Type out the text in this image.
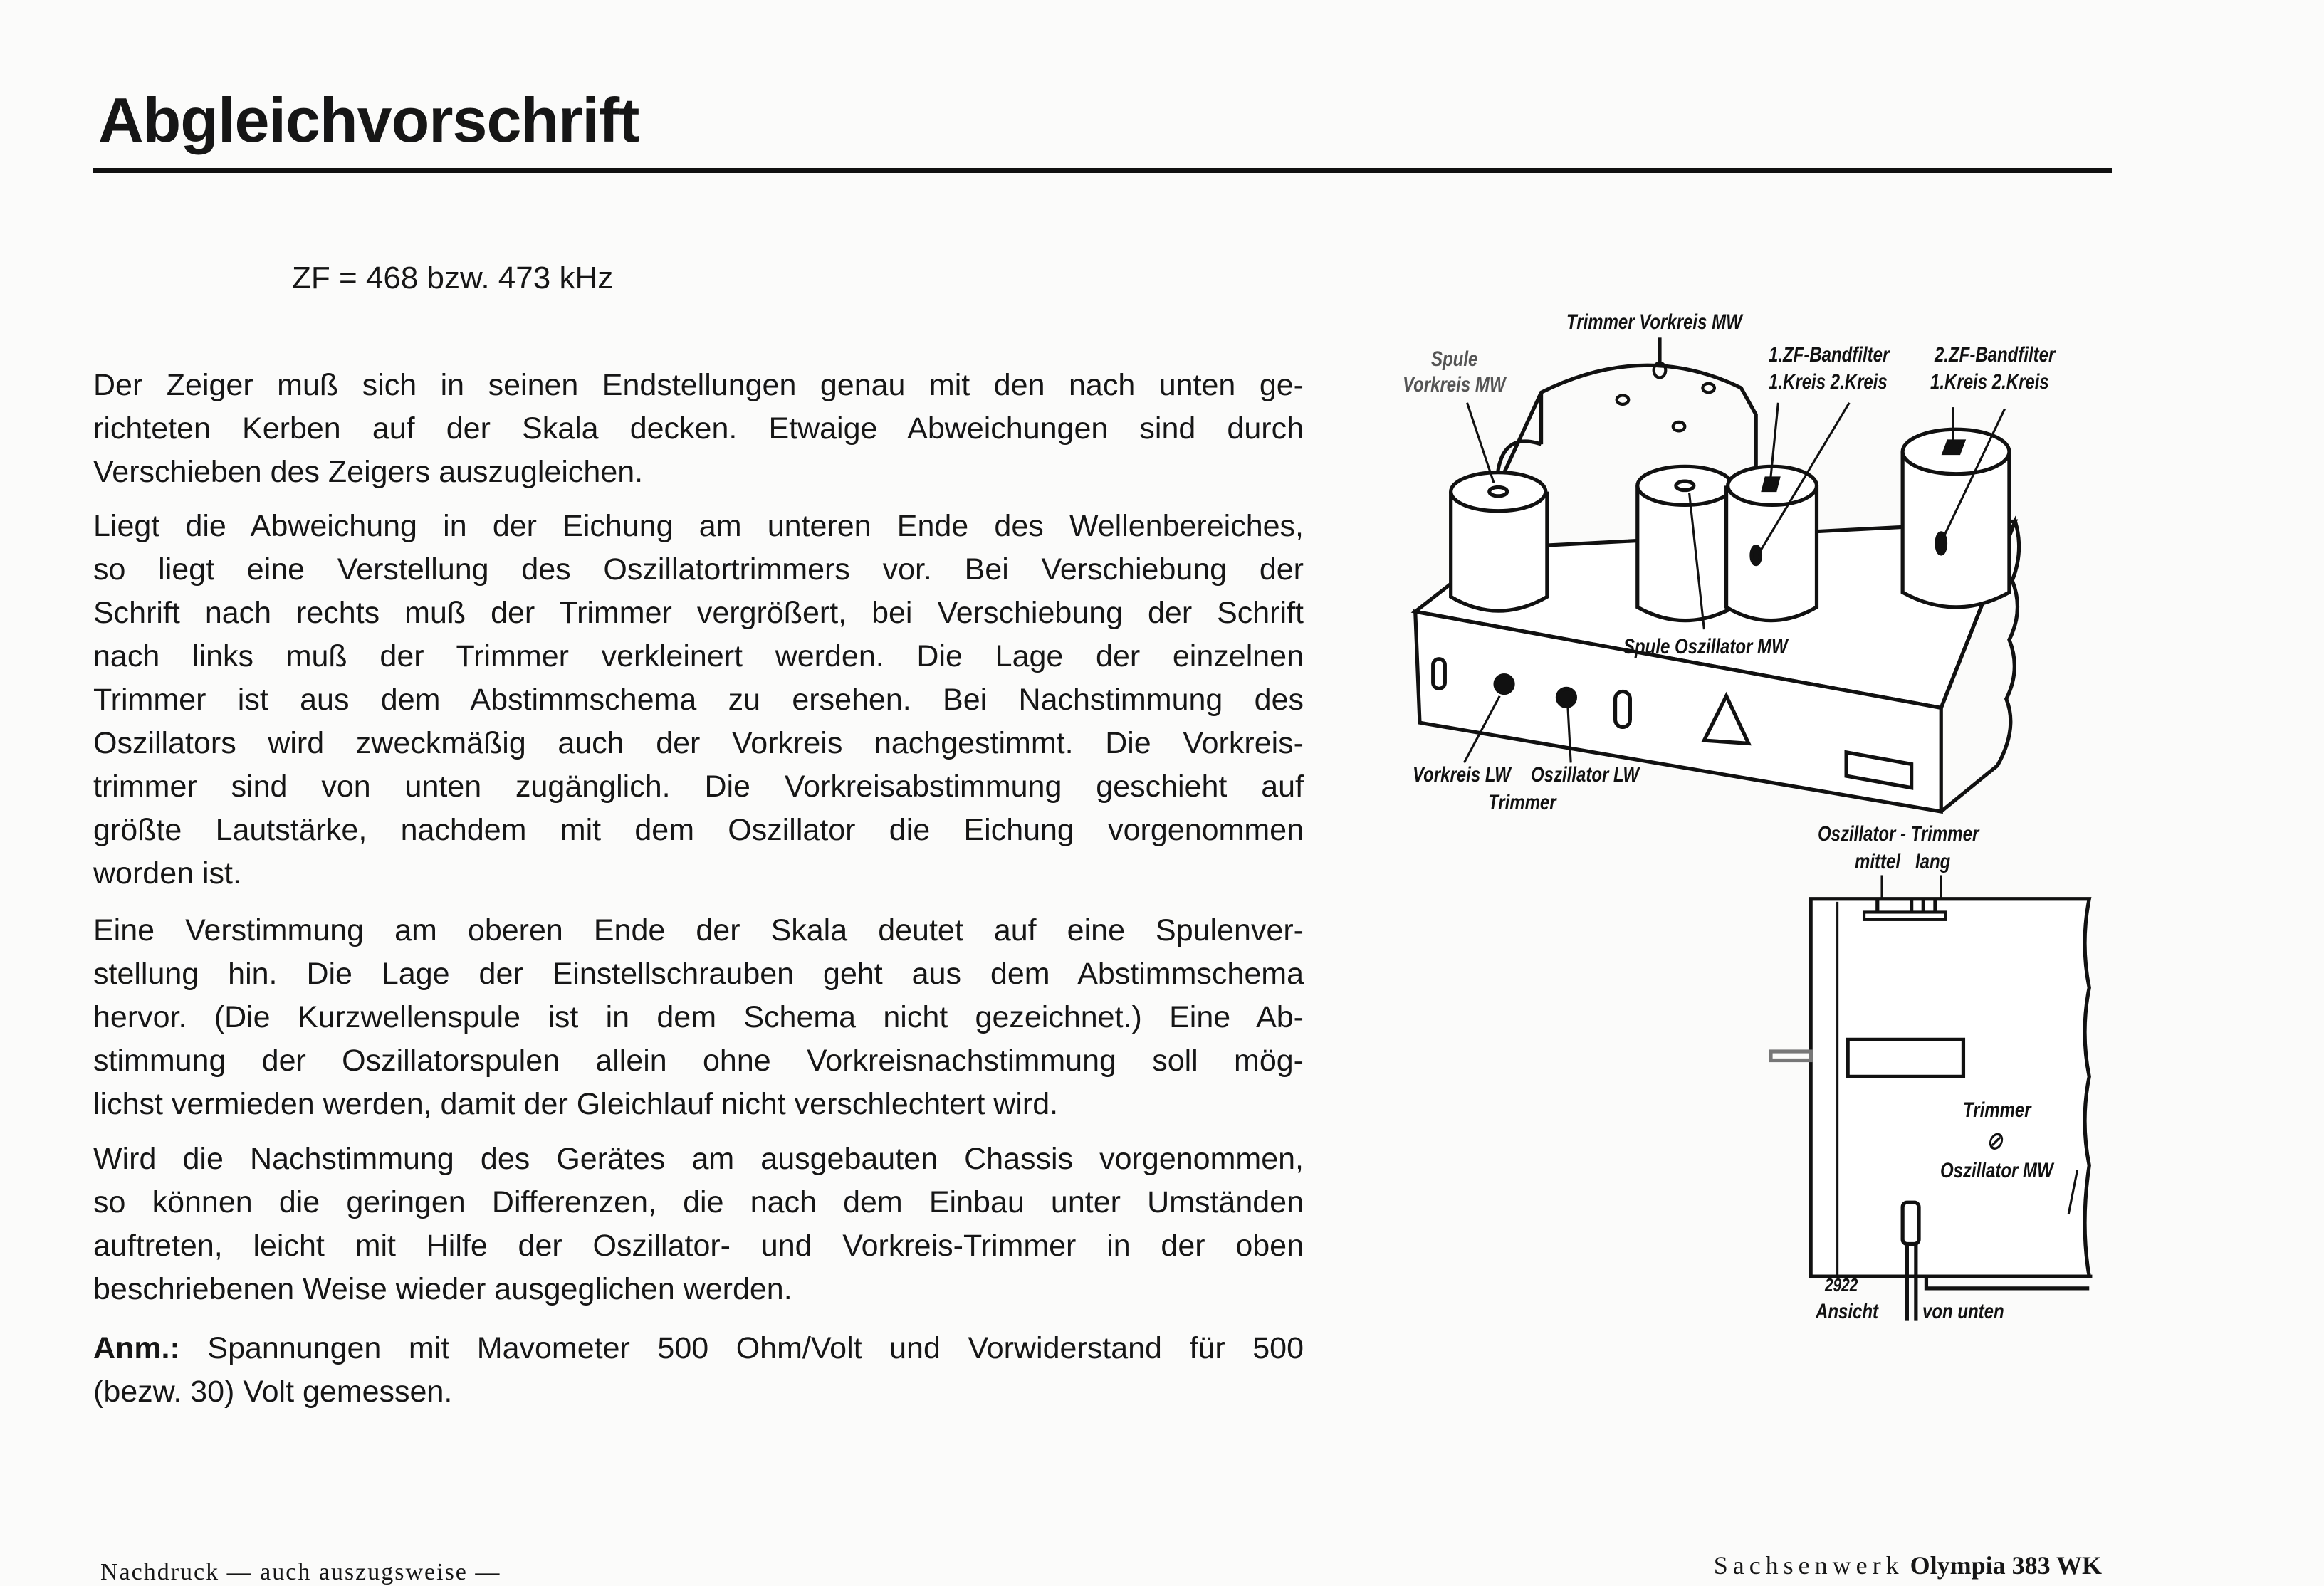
Abgleichvorschrift
ZF = 468 bzw. 473 kHz
Der Zeiger muß sich in seinen Endstellungen genau mit den nach unten ge-
richteten Kerben auf der Skala decken. Etwaige Abweichungen sind durch
Verschieben des Zeigers auszugleichen.
Liegt die Abweichung in der Eichung am unteren Ende des Wellenbereiches,
so liegt eine Verstellung des Oszillatortrimmers vor. Bei Verschiebung der
Schrift nach rechts muß der Trimmer vergrößert, bei Verschiebung der Schrift
nach links muß der Trimmer verkleinert werden. Die Lage der einzelnen
Trimmer ist aus dem Abstimmschema zu ersehen. Bei Nachstimmung des
Oszillators wird zweckmäßig auch der Vorkreis nachgestimmt. Die Vorkreis-
trimmer sind von unten zugänglich. Die Vorkreisabstimmung geschieht auf
größte Lautstärke, nachdem mit dem Oszillator die Eichung vorgenommen
worden ist.
Eine Verstimmung am oberen Ende der Skala deutet auf eine Spulenver-
stellung hin. Die Lage der Einstellschrauben geht aus dem Abstimmschema
hervor. (Die Kurzwellenspule ist in dem Schema nicht gezeichnet.) Eine Ab-
stimmung der Oszillatorspulen allein ohne Vorkreisnachstimmung soll mög-
lichst vermieden werden, damit der Gleichlauf nicht verschlechtert wird.
Wird die Nachstimmung des Gerätes am ausgebauten Chassis vorgenommen,
so können die geringen Differenzen, die nach dem Einbau unter Umständen
auftreten, leicht mit Hilfe der Oszillator- und Vorkreis-Trimmer in der oben
beschriebenen Weise wieder ausgeglichen werden.
Anm.: Spannungen mit Mavometer 500 Ohm/Volt und Vorwiderstand für 500
(bezw. 30) Volt gemessen.
Trimmer Vorkreis MW
Spule
Vorkreis MW
1.ZF-Bandfilter
1.Kreis 2.Kreis
2.ZF-Bandfilter
1.Kreis 2.Kreis
Spule Oszillator MW
Vorkreis LW Oszillator LW
Trimmer
Oszillator - Trimmer
mittel lang
Trimmer
⊘
Oszillator MW
2922
Ansicht von unten
Nachdruck — auch auszugsweise —	Sachsenwerk Olympia 383 WK
